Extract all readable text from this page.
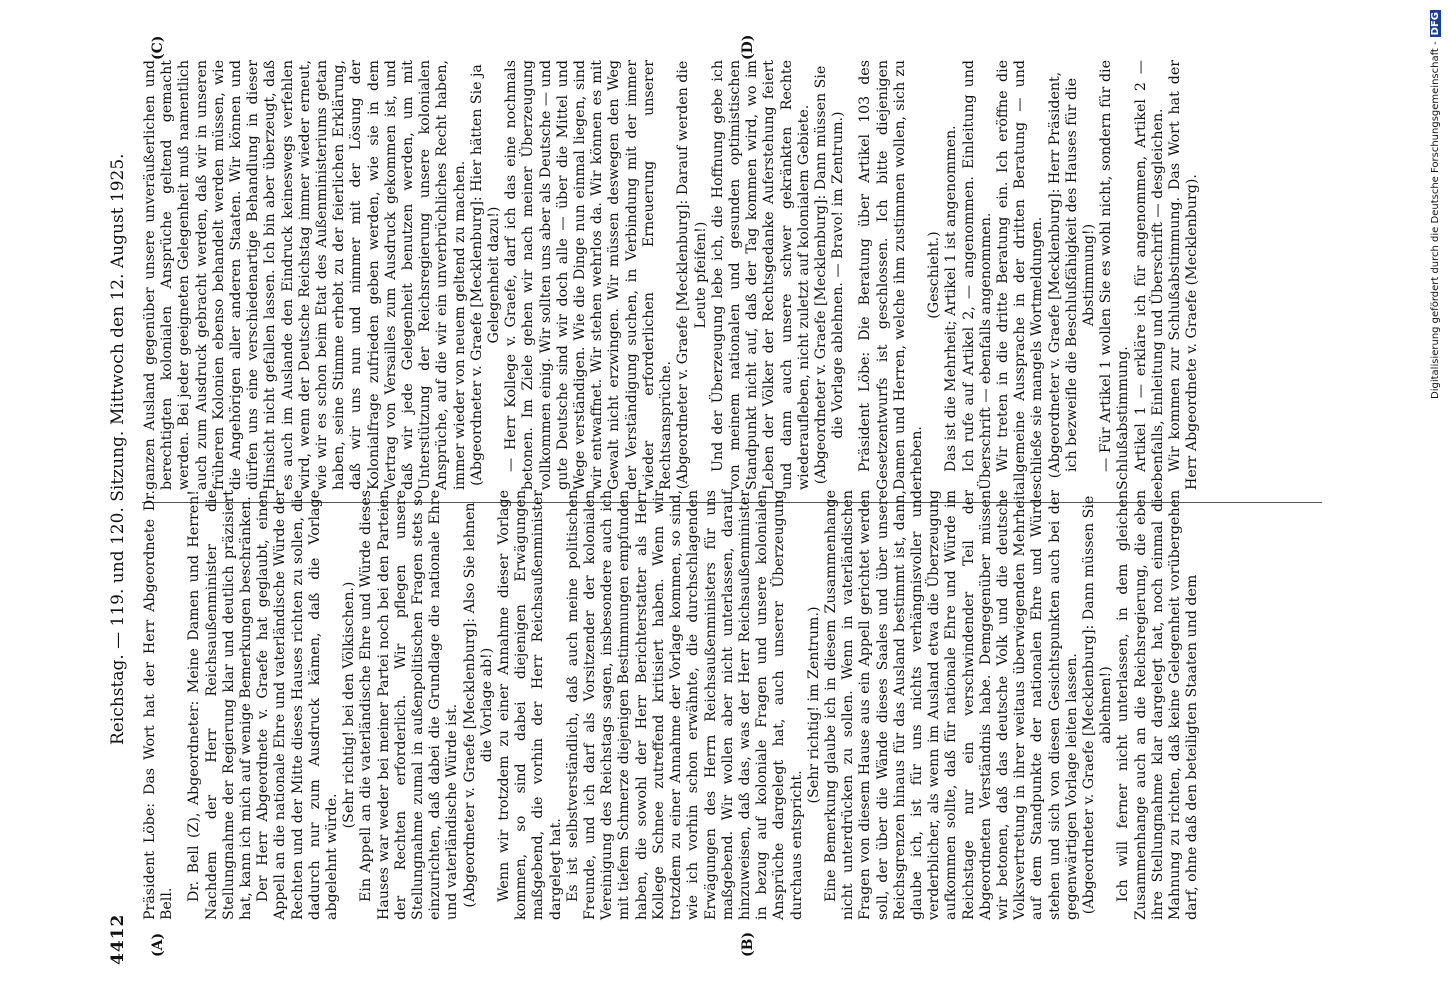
4412
Reichstag. — 119. und 120. Sitzung.
Mittwoch den 12. August 1925.
(A)	(B)
(C)	(D)

Präsident Löbe: Das Wort hat der Herr Abgeordnete Dr. Bell.

Dr. Bell (Z), Abgeordneter: Meine Damen und Herren! Nachdem der Herr Reichsaußenminister die Stellungnahme der Regierung klar und deutlich präzisiert hat, kann ich mich auf wenige Bemerkungen beschränken. Der Herr Abgeordnete v. Graefe hat geglaubt, einen Appell an die nationale Ehre und vaterländische Würde der Rechten und der Mitte dieses Hauses richten zu sollen, die dadurch nur zum Ausdruck kämen, daß die Vorlage abgelehnt würde.

(Sehr richtig! bei den Völkischen.) Ein Appell an die vaterländische Ehre und Würde dieses Hauses war weder bei meiner Partei noch bei den Parteien der Rechten erforderlich. Wir pflegen unsere Stellungnahme zumal in außenpolitischen Fragen stets so einzurichten, daß dabei die Grundlage die nationale Ehre und vaterländische Würde ist. (Abgeordneter v. Graefe [Mecklenburg]: Also Sie lehnen die Vorlage ab!) Wenn wir trotzdem zu einer Annahme dieser Vorlage kommen, so sind dabei diejenigen Erwägungen maßgebend, die vorhin der Herr Reichsaußenminister dargelegt hat. Es ist selbstverständlich, daß auch meine politischen Freunde, und ich darf als Vorsitzender der kolonialen Vereinigung des Reichstags sagen, insbesondere auch ich mit tiefem Schmerze diejenigen Bestimmungen empfunden haben, die sowohl der Herr Berichterstatter als Herr Kollege Schnee zutreffend kritisiert haben. Wenn wir trotzdem zu einer Annahme der Vorlage kommen, so sind, wie ich vorhin schon erwähnte, die durchschlagenden Erwägungen des Herrn Reichsaußenministers für uns maßgebend. Wir wollen aber nicht unterlassen, darauf hinzuweisen, daß das, was der Herr Reichsaußenminister in bezug auf koloniale Fragen und unsere kolonialen Ansprüche dargelegt hat, auch unserer Überzeugung durchaus entspricht.

(Sehr richtig! im Zentrum.) Eine Bemerkung glaube ich in diesem Zusammenhange nicht unterdrücken zu sollen. Wenn in vaterländischen Fragen von diesem Hause aus ein Appell gerichtet werden soll, der über die Wände dieses Saales und über unsere Reichsgrenzen hinaus für das Ausland bestimmt ist, dann, glaube ich, ist für uns nichts verhängnisvoller und verderblicher, als wenn im Ausland etwa die Überzeugung aufkommen sollte, daß für nationale Ehre und Würde im Reichstage nur ein verschwindender Teil der Abgeordneten Verständnis habe. Demgegenüber müssen wir betonen, daß das deutsche Volk und die deutsche Volksvertretung in ihrer weitaus überwiegenden Mehrheit auf dem Standpunkte der nationalen Ehre und Würde stehen und sich von diesen Gesichtspunkten auch bei der gegenwärtigen Vorlage leiten lassen. (Abgeordneter v. Graefe [Mecklenburg]: Dann müssen Sie ablehnen!) Ich will ferner nicht unterlassen, in dem gleichen Zusammenhange auch an die Reichsregierung, die eben ihre Stellungnahme klar dargelegt hat, noch einmal die Mahnung zu richten, daß keine Gelegenheit vorübergehen darf, ohne daß den beteiligten Staaten und dem

ganzen Ausland gegenüber unsere unveräußerlichen und berechtigten kolonialen Ansprüche geltend gemacht werden. Bei jeder geeigneten Gelegenheit muß namentlich auch zum Ausdruck gebracht werden, daß wir in unseren früheren Kolonien ebenso behandelt werden müssen, wie die Angehörigen aller anderen Staaten. Wir können und dürfen uns eine verschiedenartige Behandlung in dieser Hinsicht nicht gefallen lassen. Ich bin aber überzeugt, daß es auch im Auslande den Eindruck keineswegs verfehlen wird, wenn der Deutsche Reichstag immer wieder erneut, wie wir es schon beim Etat des Außenministeriums getan haben, seine Stimme erhebt zu der feierlichen Erklärung, daß wir uns nun und nimmer mit der Lösung der Kolonialfrage zufrieden geben werden, wie sie in dem Vertrag von Versailles zum Ausdruck gekommen ist, und daß wir jede Gelegenheit benutzen werden, um mit Unterstützung der Reichsregierung unsere kolonialen Ansprüche, auf die wir ein unverbrüchliches Recht haben, immer wieder von neuem geltend zu machen. (Abgeordneter v. Graefe [Mecklenburg]: Hier hätten Sie ja Gelegenheit dazu!) — Herr Kollege v. Graefe, darf ich das eine nochmals betonen. Im Ziele gehen wir nach meiner Überzeugung vollkommen einig. Wir sollten uns aber als Deutsche — und gute Deutsche sind wir doch alle — über die Mittel und Wege verständigen. Wie die Dinge nun einmal liegen, sind wir entwaffnet. Wir stehen wehrlos da. Wir können es mit Gewalt nicht erzwingen. Wir müssen deswegen den Weg der Verständigung suchen, in Verbindung mit der immer wieder erforderlichen Erneuerung unserer Rechtsansprüche. (Abgeordneter v. Graefe [Mecklenburg]: Darauf werden die Leute pfeifen!) Und der Überzeugung lebe ich, die Hoffnung gebe ich von meinem nationalen und gesunden optimistischen Standpunkt nicht auf, daß der Tag kommen wird, wo im Leben der Völker der Rechtsgedanke Auferstehung feiert und dann auch unsere schwer gekränkten Rechte wiederaufleben, nicht zuletzt auf kolonialem Gebiete. (Abgeordneter v. Graefe [Mecklenburg]: Dann müssen Sie die Vorlage ablehnen. — Bravo! im Zentrum.) Präsident Löbe: Die Beratung über Artikel 103 des Gesetzentwurfs ist geschlossen. Ich bitte diejenigen Damen und Herren, welche ihm zustimmen wollen, sich zu erheben.

(Geschieht.) Das ist die Mehrheit; Artikel 1 ist angenommen. Ich rufe auf Artikel 2, — angenommen. Einleitung und Überschrift — ebenfalls angenommen. Wir treten in die dritte Beratung ein. Ich eröffne die allgemeine Aussprache in der dritten Beratung — und schließe sie mangels Wortmeldungen. (Abgeordneter v. Graefe [Mecklenburg]: Herr Präsident, ich bezweifle die Beschlußfähigkeit des Hauses für die Abstimmung!) — Für Artikel 1 wollen Sie es wohl nicht, sondern für die Schlußabstimmung. Artikel 1 — erkläre ich für angenommen, Artikel 2 — ebenfalls, Einleitung und Überschrift — desgleichen. Wir kommen zur Schlußabstimmung. Das Wort hat der Herr Abgeordnete v. Graefe (Mecklenburg).	Digitalisierung gefördert durch die Deutsche Forschungsgemeinschaft -DFG
